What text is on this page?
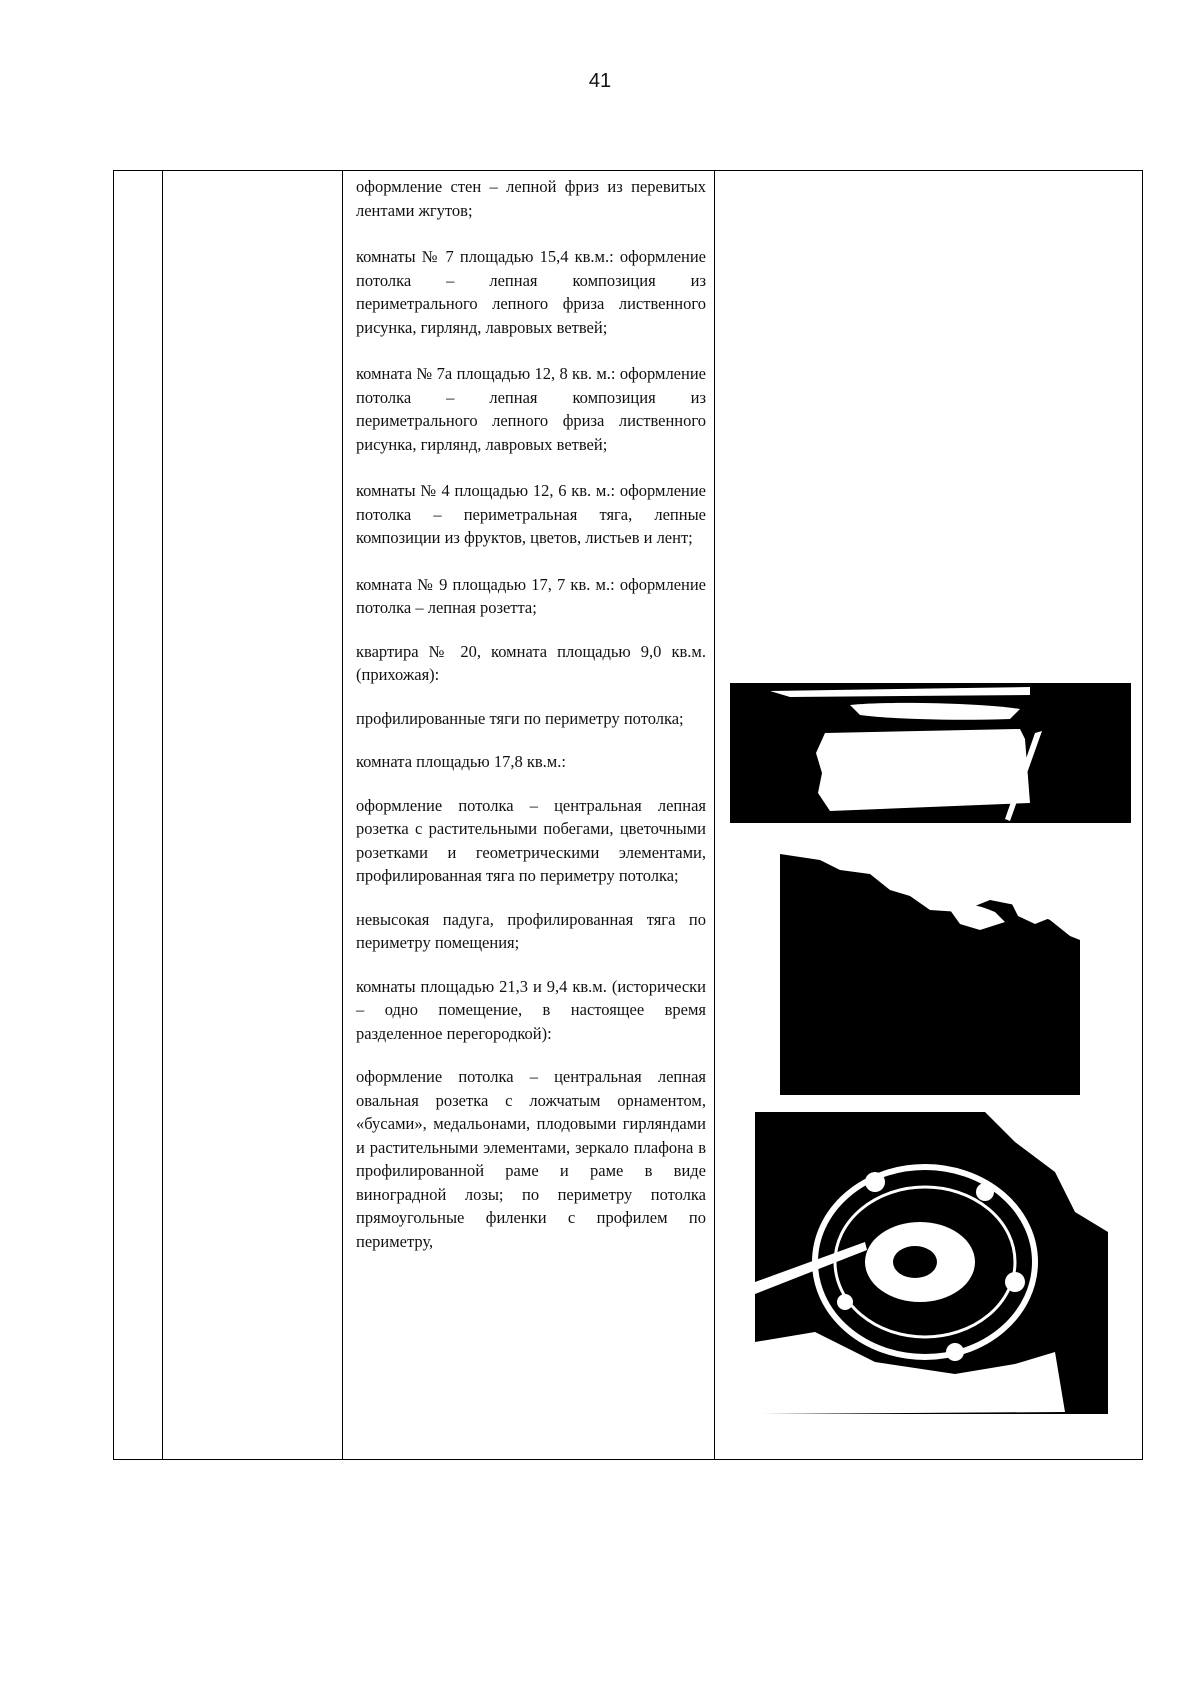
41

оформление стен – лепной фриз из перевитых лентами жгутов;

комнаты № 7 площадью 15,4 кв.м.: оформление потолка – лепная композиция из периметрального лепного фриза лиственного рисунка, гирлянд, лавровых ветвей;

комната № 7а площадью 12, 8 кв. м.: оформление потолка – лепная композиция из периметрального лепного фриза лиственного рисунка, гирлянд, лавровых ветвей;

комнаты № 4 площадью 12, 6 кв. м.: оформление потолка – периметральная тяга, лепные композиции из фруктов, цветов, листьев и лент;

комната № 9 площадью 17, 7 кв. м.: оформление потолка – лепная розетта;

квартира № 20, комната площадью 9,0 кв.м. (прихожая):

профилированные тяги по периметру потолка;

комната площадью 17,8 кв.м.:

оформление потолка – центральная лепная розетка с растительными побегами, цветочными розетками и геометрическими элементами, профилированная тяга по периметру потолка;

невысокая падуга, профилированная тяга по периметру помещения;

комнаты площадью 21,3 и 9,4 кв.м. (исторически – одно помещение, в настоящее время разделенное перегородкой):

оформление потолка – центральная лепная овальная розетка с ложчатым орнаментом, «бусами», медальонами, плодовыми гирляндами и растительными элементами, зеркало плафона в профилированной раме и раме в виде виноградной лозы; по периметру потолка прямоугольные филенки с профилем по периметру,
